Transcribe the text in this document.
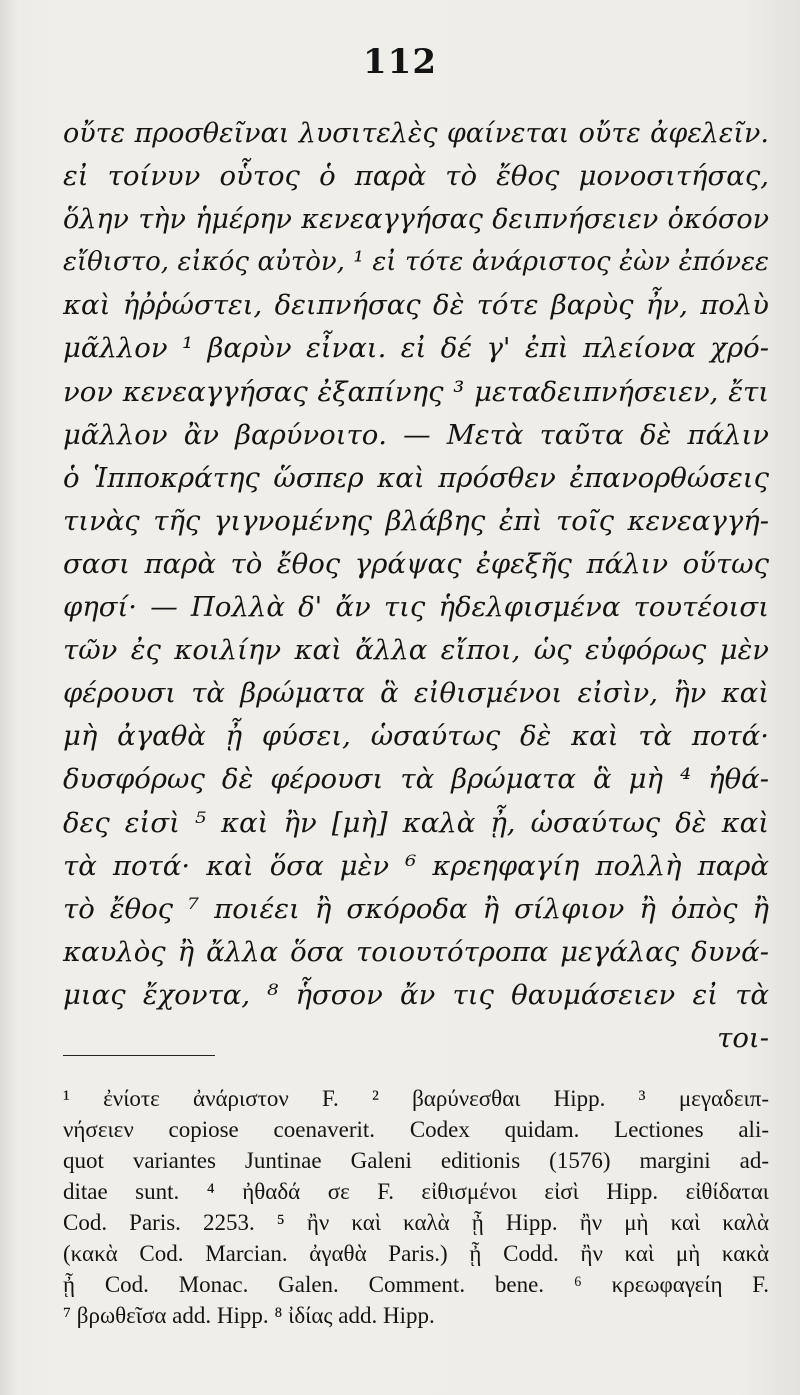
112
οὔτε προσθεῖναι λυσιτελὲς φαίνεται οὔτε ἀφελεῖν.
εἰ τοίνυν οὗτος ὁ παρὰ τὸ ἔθος μονοσιτήσας,
ὅλην τὴν ἡμέρην κενεαγγήσας δειπνήσειεν ὁκόσον
εἴθιστο, εἰκός αὐτὸν, ¹ εἰ τότε ἀνάριστος ἐὼν ἐπόνεε
καὶ ἠῤῥώστει, δειπνήσας δὲ τότε βαρὺς ἦν, πολὺ
μᾶλλον ¹ βαρὺν εἶναι. εἰ δέ γ' ἐπὶ πλείονα χρό-
νον κενεαγγήσας ἐξαπίνης ³ μεταδειπνήσειεν, ἔτι
μᾶλλον ἂν βαρύνοιτο. — Μετὰ ταῦτα δὲ πάλιν
ὁ Ἱπποκράτης ὥσπερ καὶ πρόσθεν ἐπανορθώσεις
τινὰς τῆς γιγνομένης βλάβης ἐπὶ τοῖς κενεαγγή-
σασι παρὰ τὸ ἔθος γράψας ἐφεξῆς πάλιν οὕτως
φησί· — Πολλὰ δ' ἄν τις ἡδελφισμένα τουτέοισι
τῶν ἐς κοιλίην καὶ ἄλλα εἴποι, ὡς εὐφόρως μὲν
φέρουσι τὰ βρώματα ἃ εἰθισμένοι εἰσὶν, ἢν καὶ
μὴ ἀγαθὰ ᾖ φύσει, ὡσαύτως δὲ καὶ τὰ ποτά·
δυσφόρως δὲ φέρουσι τὰ βρώματα ἃ μὴ ⁴ ἠθά-
δες εἰσὶ ⁵ καὶ ἢν [μὴ] καλὰ ᾖ, ὡσαύτως δὲ καὶ
τὰ ποτά· καὶ ὅσα μὲν ⁶ κρεηφαγίη πολλὴ παρὰ
τὸ ἔθος ⁷ ποιέει ἢ σκόροδα ἢ σίλφιον ἢ ὀπὸς ἢ
καυλὸς ἢ ἄλλα ὅσα τοιουτότροπα μεγάλας δυνά-
μιας ἔχοντα, ⁸ ἧσσον ἄν τις θαυμάσειεν εἰ τὰ
τοι-
¹ ἐνίοτε ἀνάριστον F. ² βαρύνεσθαι Hipp. ³ μεγαδειπ-
νήσειεν copiose coenaverit. Codex quidam. Lectiones ali-
quot variantes Juntinae Galeni editionis (1576) margini ad-
ditae sunt. ⁴ ἠθαδά σε F. εἰθισμένοι εἰσὶ Hipp. εἰθίδαται
Cod. Paris. 2253. ⁵ ἢν καὶ καλὰ ᾖ Hipp. ἢν μὴ καὶ καλὰ
(κακὰ Cod. Marcian. ἀγαθὰ Paris.) ᾖ Codd. ἢν καὶ μὴ κακὰ
ᾖ Cod. Monac. Galen. Comment. bene. ⁶ κρεωφαγείη F.
⁷ βρωθεῖσα add. Hipp. ⁸ ἰδίας add. Hipp.
